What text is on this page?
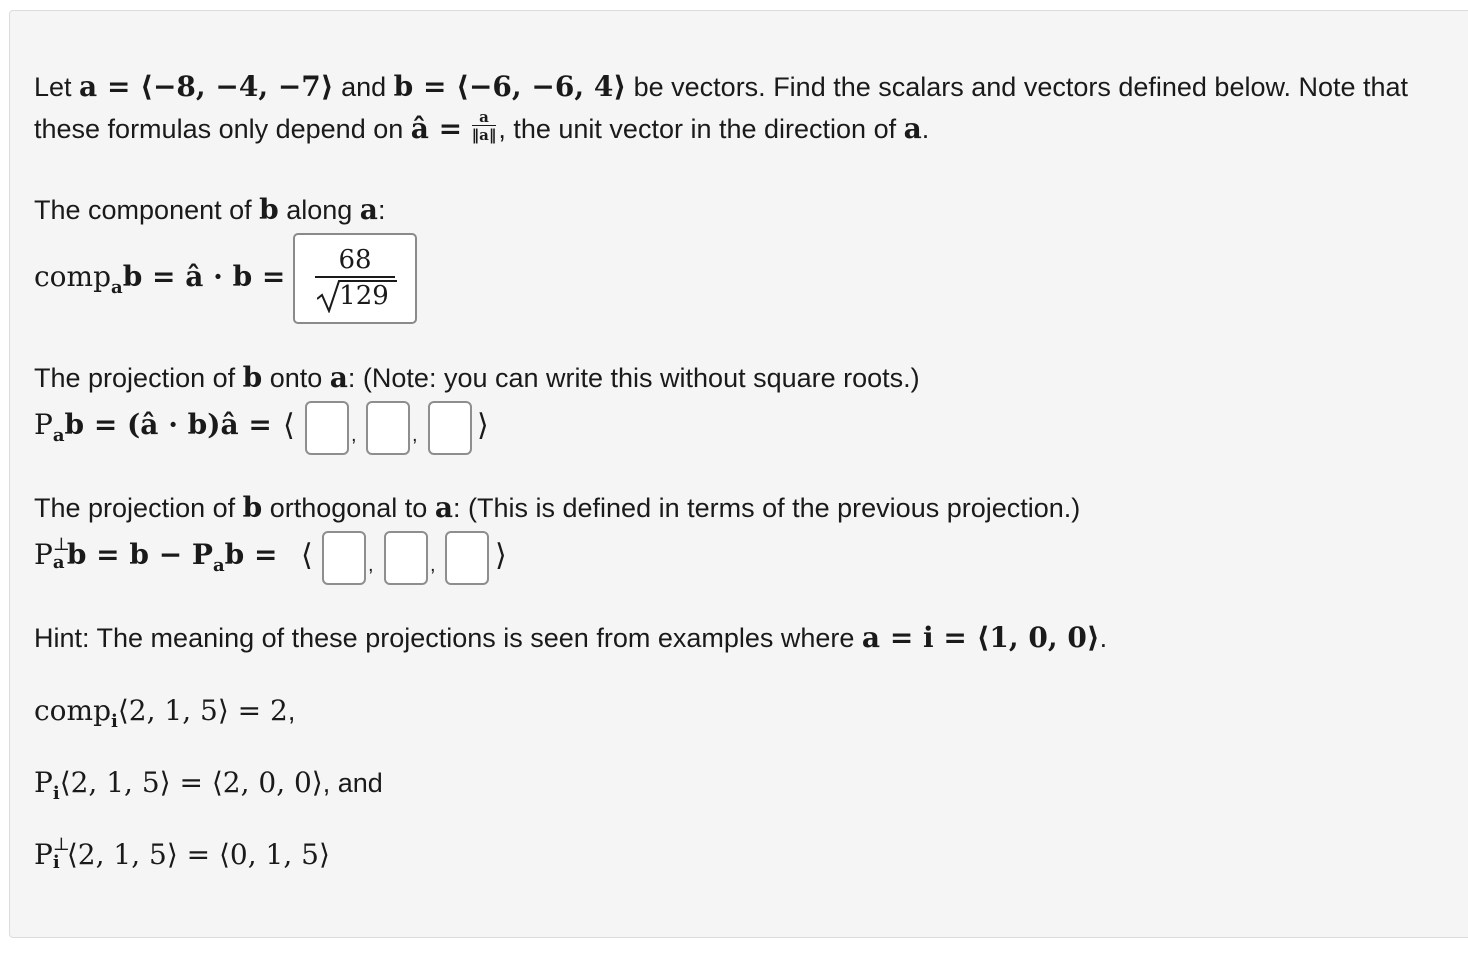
Let a = ⟨−8, −4, −7⟩ and b = ⟨−6, −6, 4⟩ be vectors. Find the scalars and vectors defined below. Note that
these formulas only depend on â = $\frac{a}{‖a‖}$ , the unit vector in the direction of a.
The component of b along a:
comp$_a$b = â · b =	68
129
The projection of b onto a: (Note: you can write this without square roots.)
$P_ab$ = (â · b)â = ⟨	,	, ⟩
The projection of b orthogonal to a: (This is defined in terms of the previous projection.)
P ⊥
a $b = b - P_ab$ = ⟨	,	, ⟩
Hint: The meaning of these projections is seen from examples where a = i = ⟨1, 0, 0⟩.
comp$_i$⟨2, 1, 5⟩ = 2,
$P_i⟨2$, 1, 5⟩ = ⟨2, 0, 0⟩, and
P ⊥
i ⟨2, 1, 5⟩ = ⟨0, 1, 5⟩
